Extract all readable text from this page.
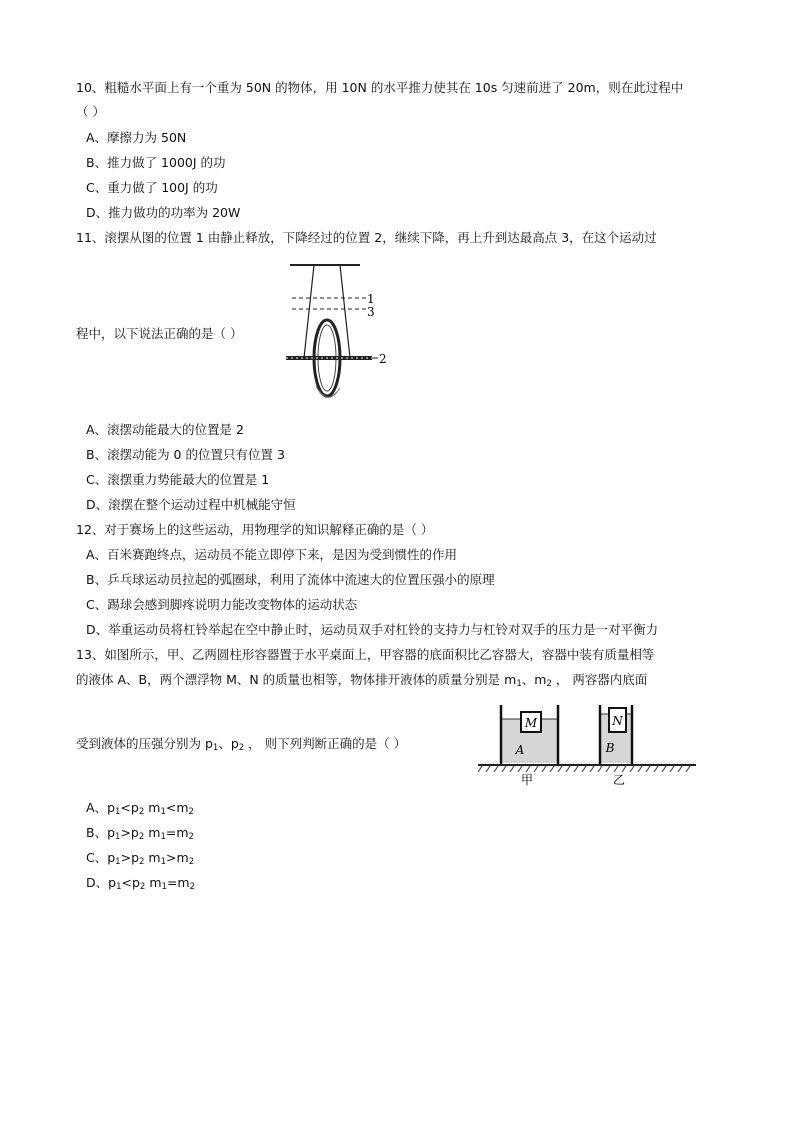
10、粗糙水平面上有一个重为 50N 的物体，用 10N 的水平推力使其在 10s 匀速前进了 20m，则在此过程中
（ ）
A、摩擦力为 50N
B、推力做了 1000J 的功
C、重力做了 100J 的功
D、推力做功的功率为 20W
11、滚摆从图的位置 1 由静止释放，下降经过的位置 2，继续下降，再上升到达最高点 3，在这个运动过
1
3
2
程中，以下说法正确的是（ ）
A、滚摆动能最大的位置是 2
B、滚摆动能为 0 的位置只有位置 3
C、滚摆重力势能最大的位置是 1
D、滚摆在整个运动过程中机械能守恒
12、对于赛场上的这些运动，用物理学的知识解释正确的是（ ）
A、百米赛跑终点，运动员不能立即停下来，是因为受到惯性的作用
B、乒乓球运动员拉起的弧圈球，利用了流体中流速大的位置压强小的原理
C、踢球会感到脚疼说明力能改变物体的运动状态
D、举重运动员将杠铃举起在空中静止时，运动员双手对杠铃的支持力与杠铃对双手的压力是一对平衡力
13、如图所示，甲、乙两圆柱形容器置于水平桌面上，甲容器的底面积比乙容器大，容器中装有质量相等
的液体 A、B，两个漂浮物 M、N 的质量也相等，物体排开液体的质量分别是 $m_1$、$m_2$ ， 两容器内底面
受到液体的压强分别为 $p_1$、$p_2$ ， 则下列判断正确的是（ ）
M
A
N
B
甲	乙
A、$p_1<p_2$ $m_1<m_2$
B、$p_1>p_2$ $m_1=m_2$
C、$p_1>p_2$ $m_1>m_2$
D、$p_1<p_2$ $m_1=m_2$
